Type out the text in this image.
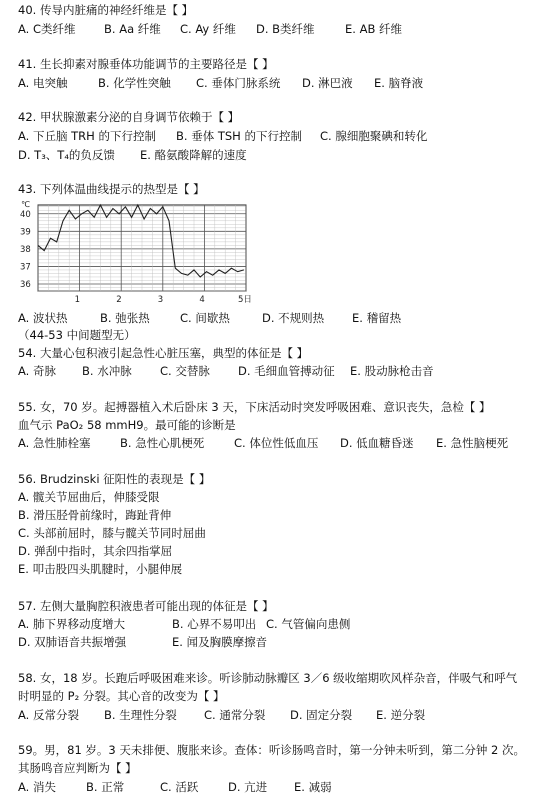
40. 传导内脏痛的神经纤维是【 】
A. C类纤维 B. Aa 纤维 C. Ay 纤维 D. B类纤维	E. AB 纤维
41. 生长抑素对腺垂体功能调节的主要路径是【 】
A. 电突触	B. 化学性突触 C. 垂体门脉系统 D. 淋巴液 E. 脑脊液
42. 甲状腺激素分泌的自身调节依赖于【 】
A. 下丘脑 TRH 的下行控制 B. 垂体 TSH 的下行控制 C. 腺细胞聚碘和转化
D. T₃、T₄的负反馈 E. 酪氨酸降解的速度
43. 下列体温曲线提示的热型是【 】
℃
40
39
38
37
36
1	2	3	4	5日
A. 波状热	B. 弛张热	C. 间歇热	D. 不规则热 E. 稽留热
（44-53 中间题型无）
54. 大量心包积液引起急性心脏压塞，典型的体征是【 】
A. 奇脉 B. 水冲脉 C. 交替脉 D. 毛细血管搏动征 E. 股动脉枪击音
55. 女，70 岁。起搏器植入术后卧床 3 天，下床活动时突发呼吸困难、意识丧失，急检【 】
血气示 PaO₂ 58 mmH9。最可能的诊断是
A. 急性肺栓塞	B. 急性心肌梗死	C. 体位性低血压 D. 低血糖昏迷 E. 急性脑梗死
56. Brudzinski 征阳性的表现是【 】
A. 髋关节屈曲后，伸膝受限
B. 滑压胫骨前缘时，踇趾背伸
C. 头部前屈时，膝与髋关节同时屈曲
D. 弹刮中指时，其余四指掌屈
E. 叩击股四头肌腱时，小腿伸展
57. 左侧大量胸腔积液患者可能出现的体征是【 】
A. 肺下界移动度增大	B. 心界不易叩出 C. 气管偏向患侧
D. 双肺语音共振增强	E. 闻及胸膜摩擦音
58. 女，18 岁。长跑后呼吸困难来诊。听诊肺动脉瓣区 3／6 级收缩期吹风样杂音，伴吸气和呼气
时明显的 P₂ 分裂。其心音的改变为【 】
A. 反常分裂 B. 生理性分裂 C. 通常分裂 D. 固定分裂 E. 逆分裂
59。男，81 岁。3 天未排便、腹胀来诊。查体：听诊肠鸣音时，第一分钟未听到，第二分钟 2 次。
其肠鸣音应判断为【 】
A. 消失	B. 正常	C. 活跃	D. 亢进 E. 减弱
